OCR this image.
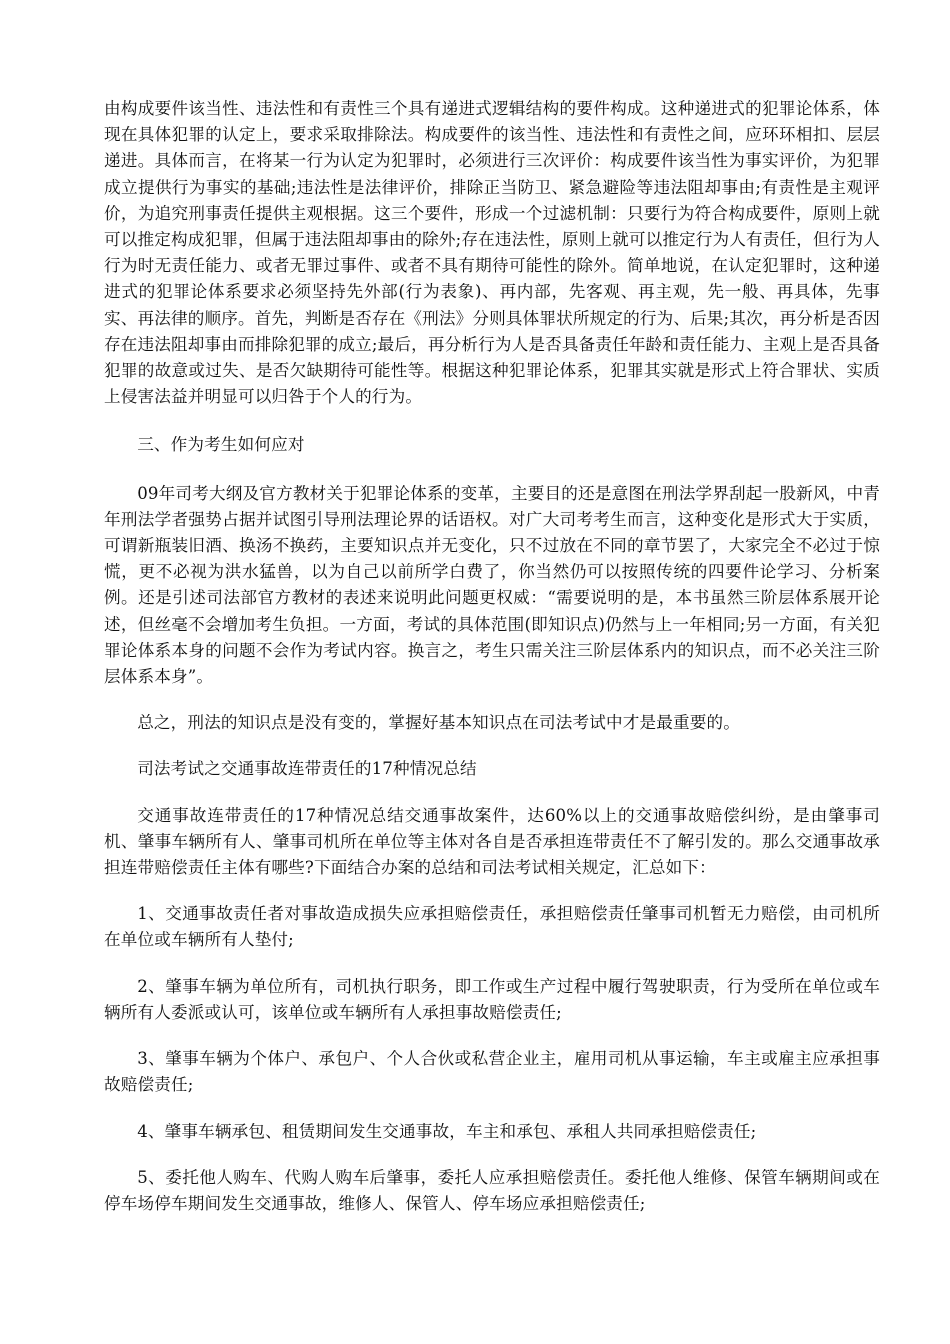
由构成要件该当性、违法性和有责性三个具有递进式逻辑结构的要件构成。这种递进式的犯罪论体系，体现在具体犯罪的认定上，要求采取排除法。构成要件的该当性、违法性和有责性之间，应环环相扣、层层递进。具体而言，在将某一行为认定为犯罪时，必须进行三次评价：构成要件该当性为事实评价，为犯罪成立提供行为事实的基础;违法性是法律评价，排除正当防卫、紧急避险等违法阻却事由;有责性是主观评价，为追究刑事责任提供主观根据。这三个要件，形成一个过滤机制：只要行为符合构成要件，原则上就可以推定构成犯罪，但属于违法阻却事由的除外;存在违法性，原则上就可以推定行为人有责任，但行为人行为时无责任能力、或者无罪过事件、或者不具有期待可能性的除外。简单地说，在认定犯罪时，这种递进式的犯罪论体系要求必须坚持先外部(行为表象)、再内部，先客观、再主观，先一般、再具体，先事实、再法律的顺序。首先，判断是否存在《刑法》分则具体罪状所规定的行为、后果;其次，再分析是否因存在违法阻却事由而排除犯罪的成立;最后，再分析行为人是否具备责任年龄和责任能力、主观上是否具备犯罪的故意或过失、是否欠缺期待可能性等。根据这种犯罪论体系，犯罪其实就是形式上符合罪状、实质上侵害法益并明显可以归咎于个人的行为。

三、作为考生如何应对

09年司考大纲及官方教材关于犯罪论体系的变革，主要目的还是意图在刑法学界刮起一股新风，中青年刑法学者强势占据并试图引导刑法理论界的话语权。对广大司考考生而言，这种变化是形式大于实质，可谓新瓶装旧酒、换汤不换药，主要知识点并无变化，只不过放在不同的章节罢了，大家完全不必过于惊慌，更不必视为洪水猛兽，以为自己以前所学白费了，你当然仍可以按照传统的四要件论学习、分析案例。还是引述司法部官方教材的表述来说明此问题更权威：“需要说明的是，本书虽然三阶层体系展开论述，但丝毫不会增加考生负担。一方面，考试的具体范围(即知识点)仍然与上一年相同;另一方面，有关犯罪论体系本身的问题不会作为考试内容。换言之，考生只需关注三阶层体系内的知识点，而不必关注三阶层体系本身”。

总之，刑法的知识点是没有变的，掌握好基本知识点在司法考试中才是最重要的。

司法考试之交通事故连带责任的17种情况总结

交通事故连带责任的17种情况总结交通事故案件，达60%以上的交通事故赔偿纠纷，是由肇事司机、肇事车辆所有人、肇事司机所在单位等主体对各自是否承担连带责任不了解引发的。那么交通事故承担连带赔偿责任主体有哪些?下面结合办案的总结和司法考试相关规定，汇总如下：

1、交通事故责任者对事故造成损失应承担赔偿责任，承担赔偿责任肇事司机暂无力赔偿，由司机所在单位或车辆所有人垫付;

2、肇事车辆为单位所有，司机执行职务，即工作或生产过程中履行驾驶职责，行为受所在单位或车辆所有人委派或认可，该单位或车辆所有人承担事故赔偿责任;

3、肇事车辆为个体户、承包户、个人合伙或私营企业主，雇用司机从事运输，车主或雇主应承担事故赔偿责任;

4、肇事车辆承包、租赁期间发生交通事故，车主和承包、承租人共同承担赔偿责任;

5、委托他人购车、代购人购车后肇事，委托人应承担赔偿责任。委托他人维修、保管车辆期间或在停车场停车期间发生交通事故，维修人、保管人、停车场应承担赔偿责任;
